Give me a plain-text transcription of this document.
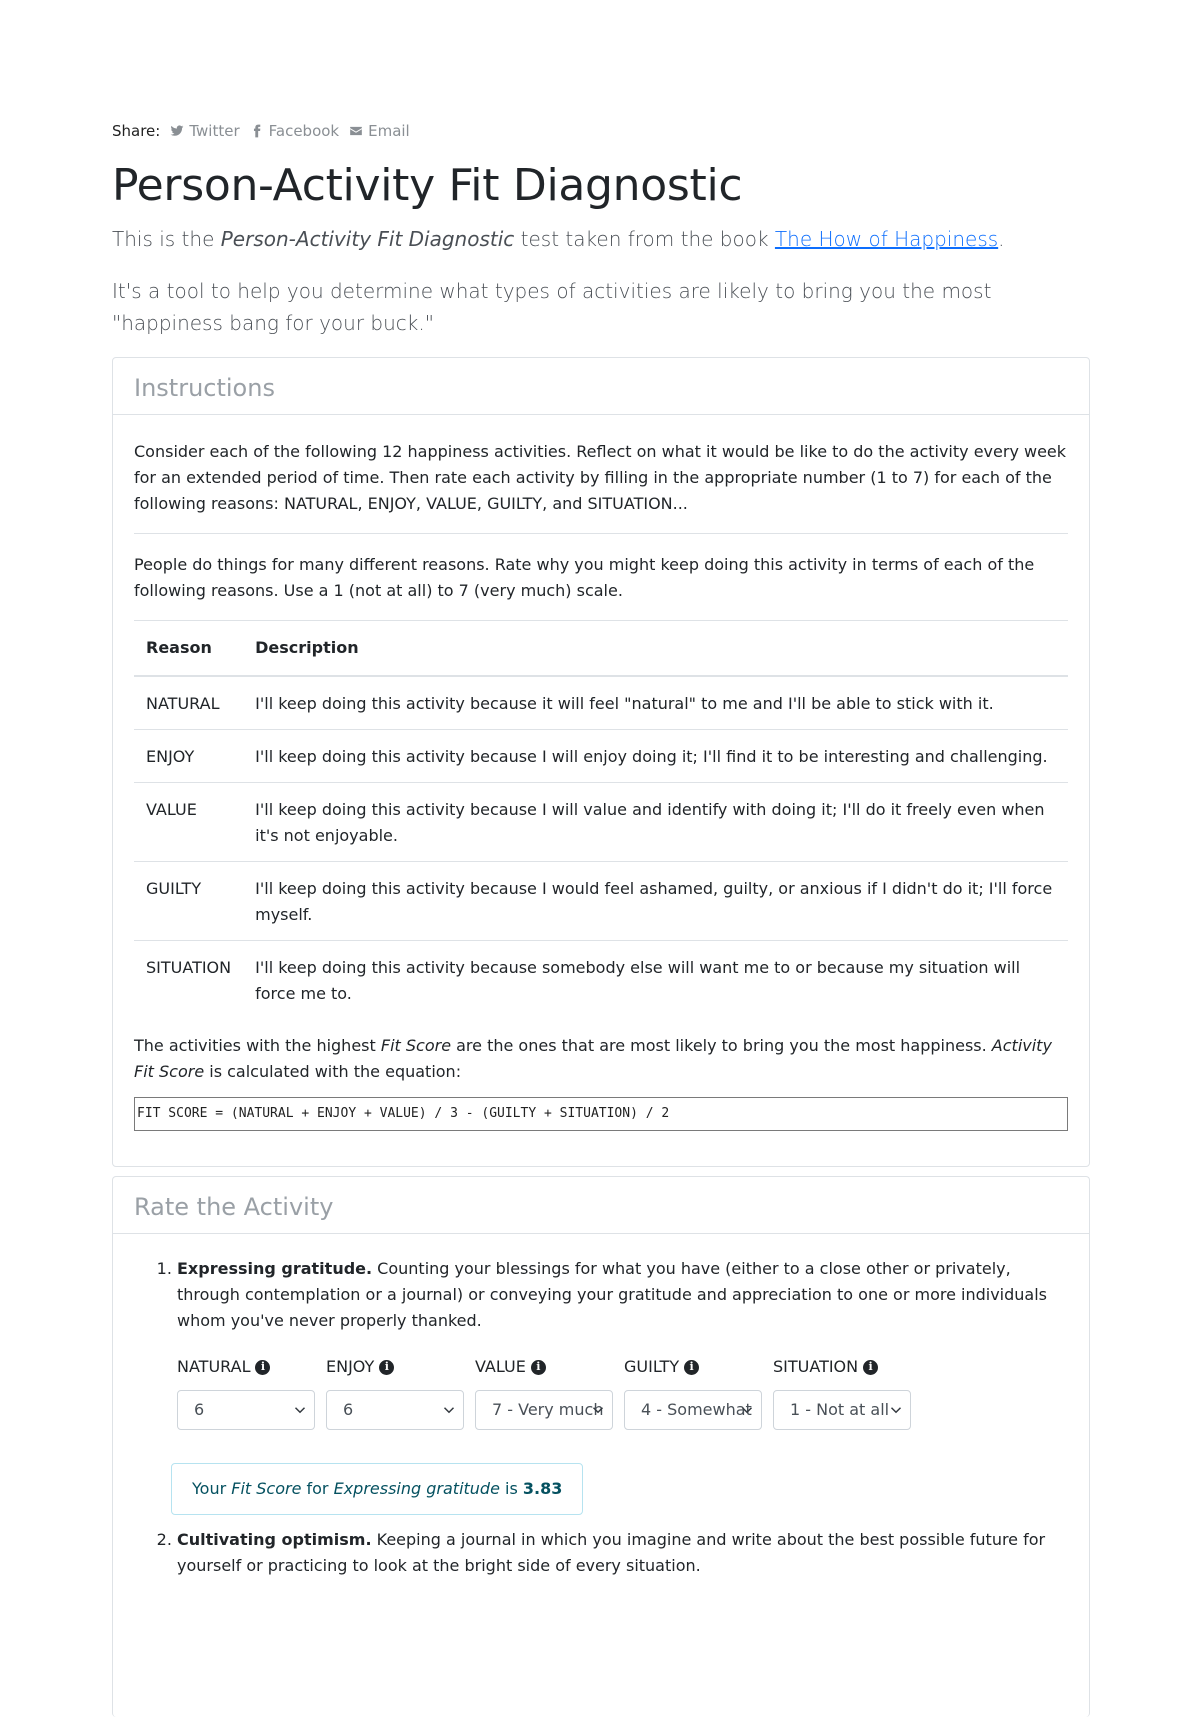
Share: Twitter Facebook Email
Person-Activity Fit Diagnostic

This is the Person-Activity Fit Diagnostic test taken from the book The How of Happiness.

It's a tool to help you determine what types of activities are likely to bring you the most "happiness bang for your buck."

Instructions

Consider each of the following 12 happiness activities. Reflect on what it would be like to do the activity every week for an extended period of time. Then rate each activity by filling in the appropriate number (1 to 7) for each of the following reasons: NATURAL, ENJOY, VALUE, GUILTY, and SITUATION...

People do things for many different reasons. Rate why you might keep doing this activity in terms of each of the following reasons. Use a 1 (not at all) to 7 (very much) scale.

Reason	Description
NATURAL	I'll keep doing this activity because it will feel "natural" to me and I'll be able to stick with it.
ENJOY	I'll keep doing this activity because I will enjoy doing it; I'll find it to be interesting and challenging.
VALUE	I'll keep doing this activity because I will value and identify with doing it; I'll do it freely even when it's not enjoyable.
GUILTY	I'll keep doing this activity because I would feel ashamed, guilty, or anxious if I didn't do it; I'll force myself.
SITUATION	I'll keep doing this activity because somebody else will want me to or because my situation will force me to.

The activities with the highest Fit Score are the ones that are most likely to bring you the most happiness. Activity Fit Score is calculated with the equation:

FIT SCORE = (NATURAL + ENJOY + VALUE) / 3 - (GUILTY + SITUATION) / 2
Rate the Activity
1. Expressing gratitude. Counting your blessings for what you have (either to a close other or privately, through contemplation or a journal) or conveying your gratitude and appreciation to one or more individuals whom you've never properly thanked.
NATURAL i
6
ENJOY i
6
VALUE i
7 - Very much
GUILTY i
4 - Somewhat
SITUATION i
1 - Not at all
Your Fit Score for Expressing gratitude is 3.83
2. Cultivating optimism. Keeping a journal in which you imagine and write about the best possible future for yourself or practicing to look at the bright side of every situation.
